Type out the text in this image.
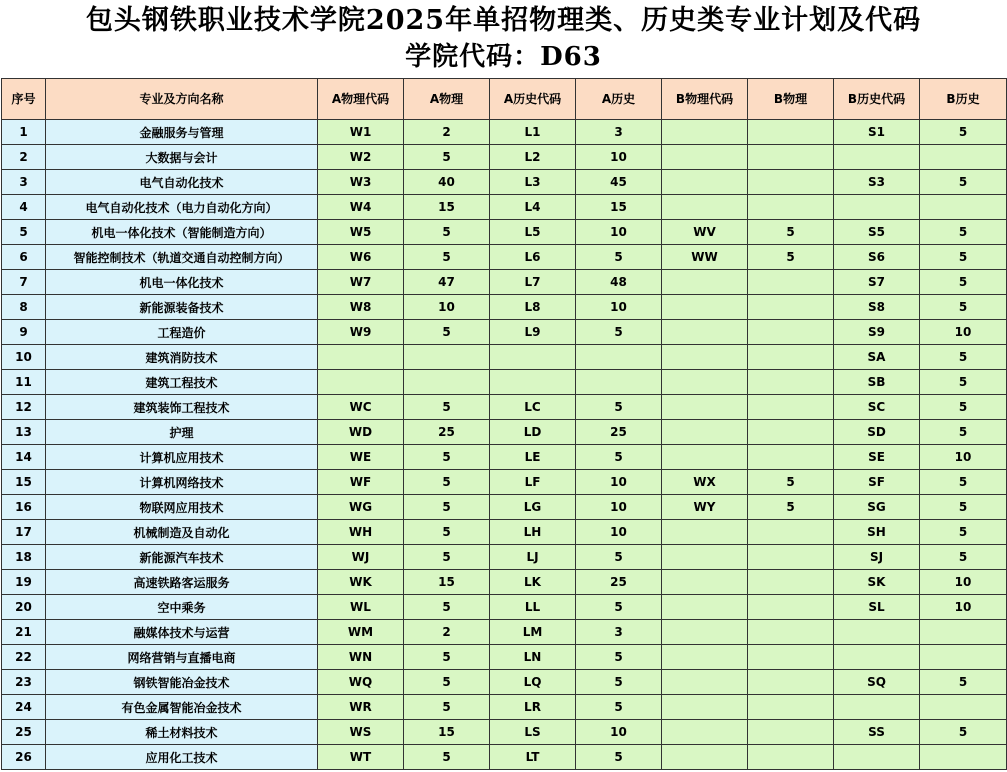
包头钢铁职业技术学院2025年单招物理类、历史类专业计划及代码
学院代码：D63
序号	专业及方向名称	A物理代码	A物理	A历史代码	A历史	B物理代码	B物理	B历史代码	B历史
1	金融服务与管理	W1	2	L1	3			S1	5
2	大数据与会计	W2	5	L2	10				
3	电气自动化技术	W3	40	L3	45			S3	5
4	电气自动化技术（电力自动化方向）	W4	15	L4	15				
5	机电一体化技术（智能制造方向）	W5	5	L5	10	WV	5	S5	5
6	智能控制技术（轨道交通自动控制方向）	W6	5	L6	5	WW	5	S6	5
7	机电一体化技术	W7	47	L7	48			S7	5
8	新能源装备技术	W8	10	L8	10			S8	5
9	工程造价	W9	5	L9	5			S9	10
10	建筑消防技术							SA	5
11	建筑工程技术							SB	5
12	建筑装饰工程技术	WC	5	LC	5			SC	5
13	护理	WD	25	LD	25			SD	5
14	计算机应用技术	WE	5	LE	5			SE	10
15	计算机网络技术	WF	5	LF	10	WX	5	SF	5
16	物联网应用技术	WG	5	LG	10	WY	5	SG	5
17	机械制造及自动化	WH	5	LH	10			SH	5
18	新能源汽车技术	WJ	5	LJ	5			SJ	5
19	高速铁路客运服务	WK	15	LK	25			SK	10
20	空中乘务	WL	5	LL	5			SL	10
21	融媒体技术与运营	WM	2	LM	3				
22	网络营销与直播电商	WN	5	LN	5				
23	钢铁智能冶金技术	WQ	5	LQ	5			SQ	5
24	有色金属智能冶金技术	WR	5	LR	5				
25	稀土材料技术	WS	15	LS	10			SS	5
26	应用化工技术	WT	5	LT	5				
